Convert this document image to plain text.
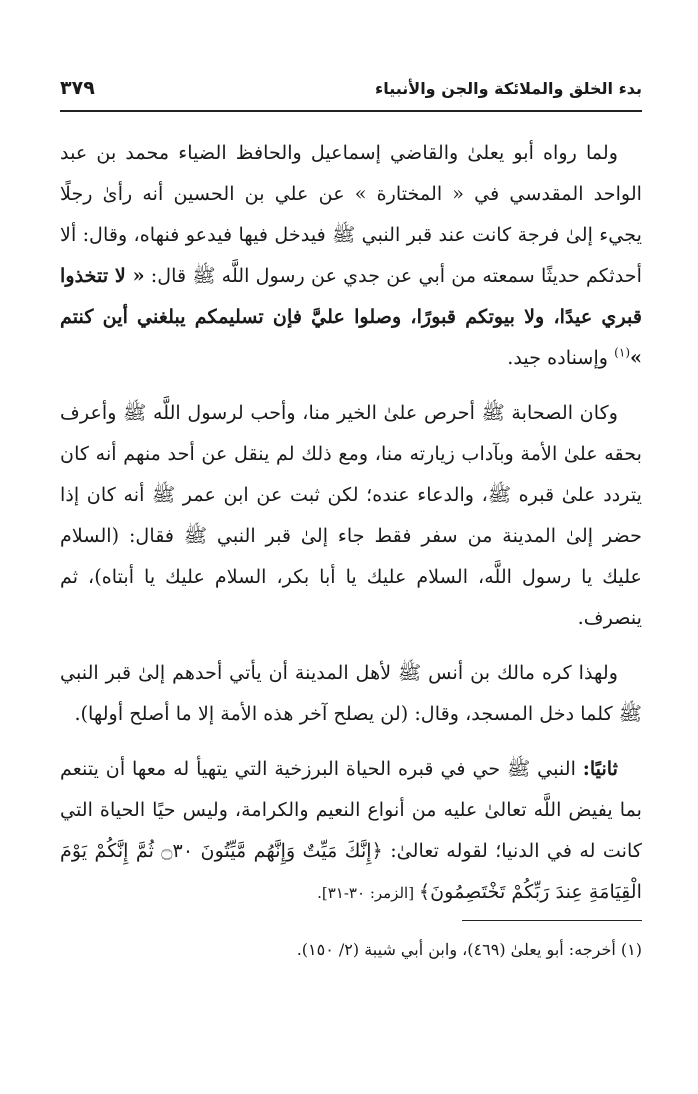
بدء الخلق والملائكة والجن والأنبياء
٣٧٩

ولما رواه أبو يعلىٰ والقاضي إسماعيل والحافظ الضياء محمد بن عبد الواحد المقدسي في « المختارة » عن علي بن الحسين أنه رأىٰ رجلًا يجيء إلىٰ فرجة كانت عند قبر النبي ﷺ فيدخل فيها فيدعو فنهاه، وقال: ألا أحدثكم حديثًا سمعته من أبي عن جدي عن رسول اللَّه ﷺ قال: « لا تتخذوا قبري عيدًا، ولا بيوتكم قبورًا، وصلوا عليَّ فإن تسليمكم يبلغني أين كنتم »$^{(١)}$ وإسناده جيد.

وكان الصحابة ﷺ أحرص علىٰ الخير منا، وأحب لرسول اللَّه ﷺ وأعرف بحقه علىٰ الأمة وبآداب زيارته منا، ومع ذلك لم ينقل عن أحد منهم أنه كان يتردد علىٰ قبره ﷺ، والدعاء عنده؛ لكن ثبت عن ابن عمر ﷺ أنه كان إذا حضر إلىٰ المدينة من سفر فقط جاء إلىٰ قبر النبي ﷺ فقال: (السلام عليك يا رسول اللَّه، السلام عليك يا أبا بكر، السلام عليك يا أبتاه)، ثم ينصرف.

ولهذا كره مالك بن أنس ﷺ لأهل المدينة أن يأتي أحدهم إلىٰ قبر النبي ﷺ كلما دخل المسجد، وقال: (لن يصلح آخر هذه الأمة إلا ما أصلح أولها).

ثانيًا: النبي ﷺ حي في قبره الحياة البرزخية التي يتهيأ له معها أن يتنعم بما يفيض اللَّه تعالىٰ عليه من أنواع النعيم والكرامة، وليس حيًا الحياة التي كانت له في الدنيا؛ لقوله تعالىٰ: ﴿إِنَّكَ مَيِّتٌ وَإِنَّهُم مَّيِّتُونَ ۝٣٠ ثُمَّ إِنَّكُمْ يَوْمَ الْقِيَامَةِ عِندَ رَبِّكُمْ تَخْتَصِمُونَ﴾ [الزمر: ٣٠-٣١].

(١) أخرجه: أبو يعلىٰ (٤٦٩)، وابن أبي شيبة (٢/ ١٥٠).
